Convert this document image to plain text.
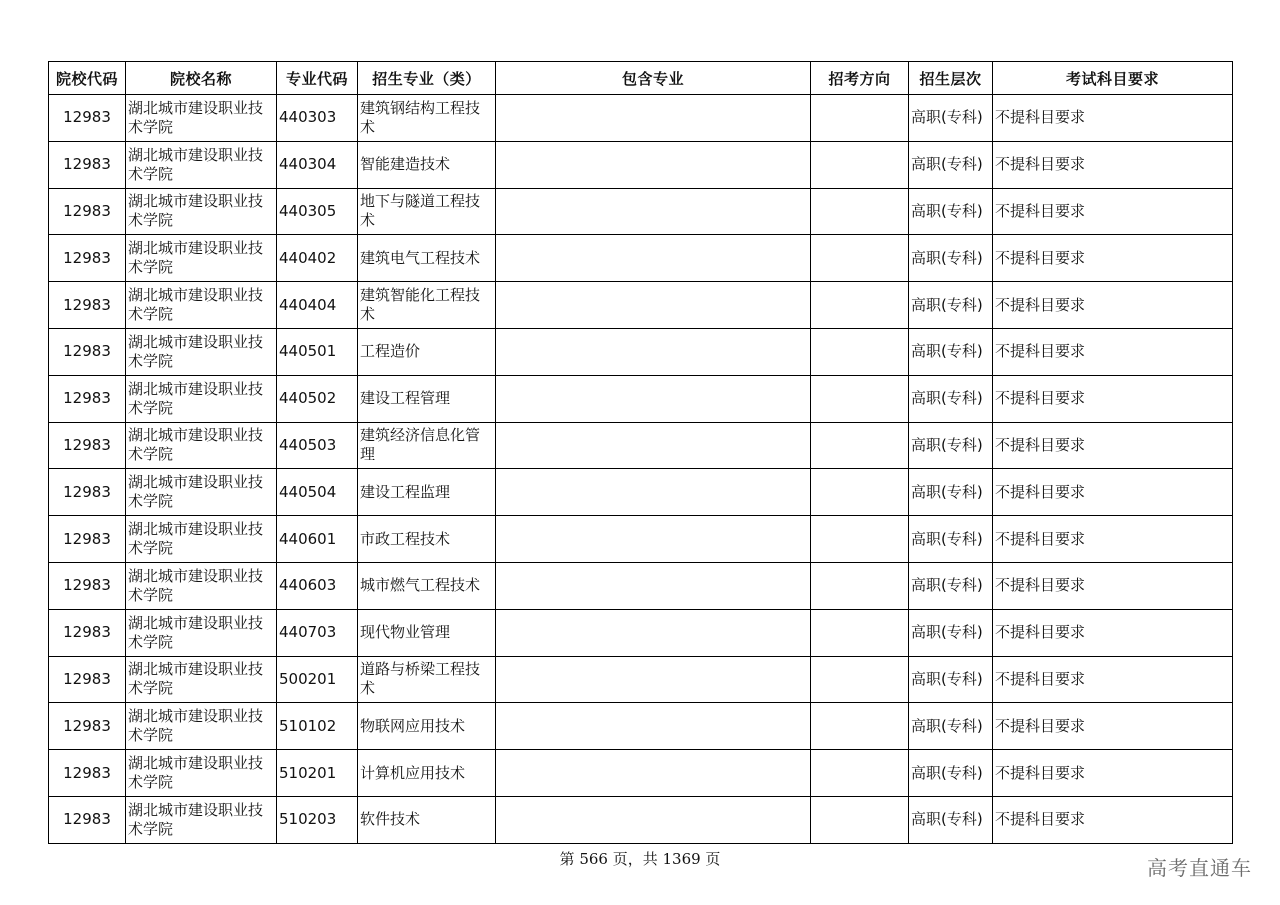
院校代码	院校名称	专业代码	招生专业（类）	包含专业	招考方向	招生层次	考试科目要求
12983	湖北城市建设职业技术学院	440303	建筑钢结构工程技术			高职(专科)	不提科目要求
12983	湖北城市建设职业技术学院	440304	智能建造技术			高职(专科)	不提科目要求
12983	湖北城市建设职业技术学院	440305	地下与隧道工程技术			高职(专科)	不提科目要求
12983	湖北城市建设职业技术学院	440402	建筑电气工程技术			高职(专科)	不提科目要求
12983	湖北城市建设职业技术学院	440404	建筑智能化工程技术			高职(专科)	不提科目要求
12983	湖北城市建设职业技术学院	440501	工程造价			高职(专科)	不提科目要求
12983	湖北城市建设职业技术学院	440502	建设工程管理			高职(专科)	不提科目要求
12983	湖北城市建设职业技术学院	440503	建筑经济信息化管理			高职(专科)	不提科目要求
12983	湖北城市建设职业技术学院	440504	建设工程监理			高职(专科)	不提科目要求
12983	湖北城市建设职业技术学院	440601	市政工程技术			高职(专科)	不提科目要求
12983	湖北城市建设职业技术学院	440603	城市燃气工程技术			高职(专科)	不提科目要求
12983	湖北城市建设职业技术学院	440703	现代物业管理			高职(专科)	不提科目要求
12983	湖北城市建设职业技术学院	500201	道路与桥梁工程技术			高职(专科)	不提科目要求
12983	湖北城市建设职业技术学院	510102	物联网应用技术			高职(专科)	不提科目要求
12983	湖北城市建设职业技术学院	510201	计算机应用技术			高职(专科)	不提科目要求
12983	湖北城市建设职业技术学院	510203	软件技术			高职(专科)	不提科目要求
第 566 页，共 1369 页	高考直通车
